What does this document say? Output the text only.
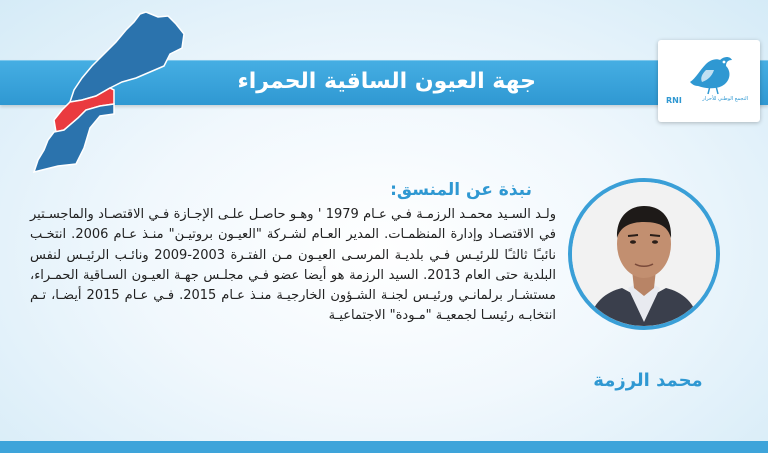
جهة العيون الساقية الحمراء
RNI	التجمع الوطني للأحرار
نبذة عن المنسق:
ولـد السـيد محمـد الرزمـة فـي عـام 1979 ' وهـو حاصـل علـى الإجـازة فـي الاقتصـاد والماجسـتير في الاقتصـاد وإدارة المنظمـات. المدير العـام لشـركة "العيـون بروتيـن" منـذ عـام 2006. انتخـب نائبـًا ثالثـًا للرئيـس فـي بلديـة المرسـى العيـون مـن الفتـرة 2003-2009 ونائـب الرئيـس لنفس البلدية حتى العام 2013. السيد الرزمة هو أيضا عضو فـي مجلـس جهـة العيـون السـاقية الحمـراء، مستشـار برلمانـي ورئيـس لجنـة الشـؤون الخارجيـة منـذ عـام 2015. فـي عـام 2015 أيضـا، تـم انتخابـه رئيسـا لجمعيـة "مـودة" الاجتماعيـة
محمد الرزمة
